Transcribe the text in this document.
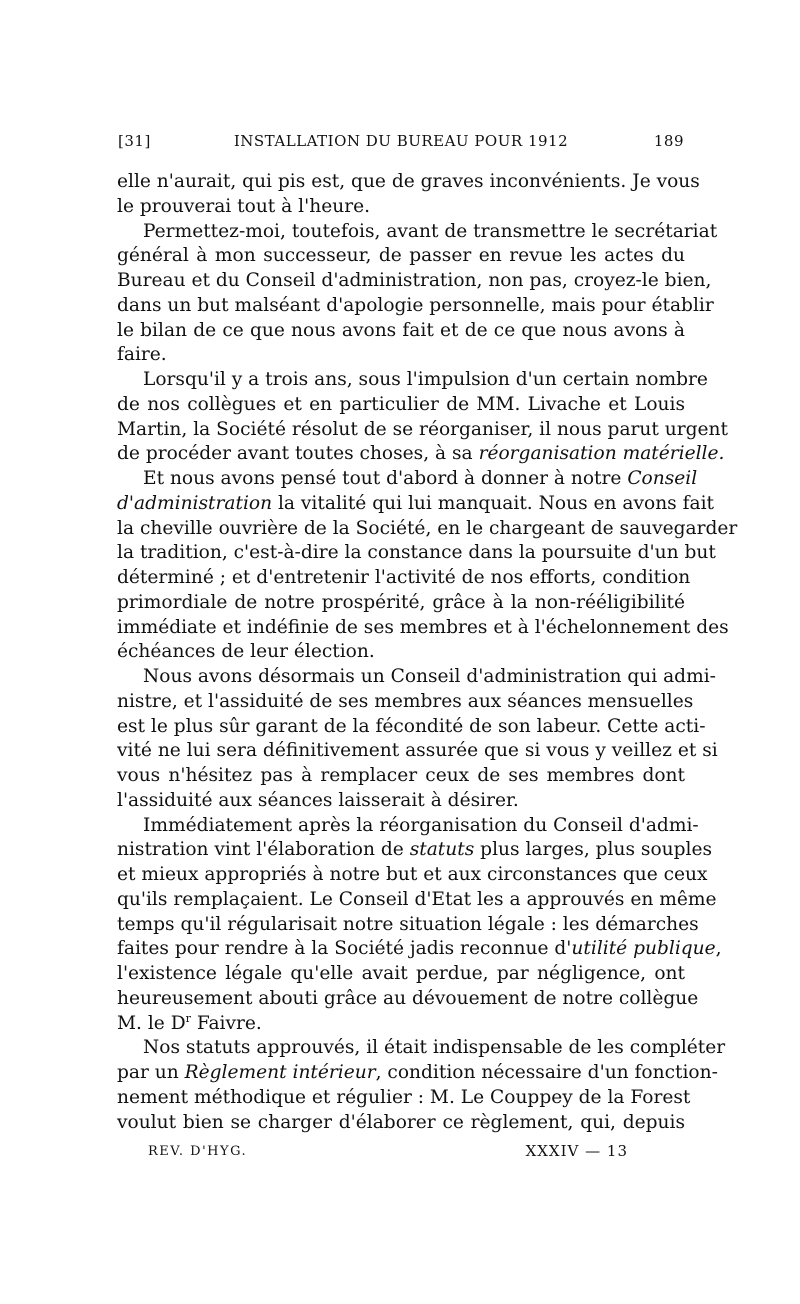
[31]	INSTALLATION DU BUREAU POUR 1912	189
elle n'aurait, qui pis est, que de graves inconvénients. Je vous
le prouverai tout à l'heure.
Permettez-moi, toutefois, avant de transmettre le secrétariat
général à mon successeur, de passer en revue les actes du
Bureau et du Conseil d'administration, non pas, croyez-le bien,
dans un but malséant d'apologie personnelle, mais pour établir
le bilan de ce que nous avons fait et de ce que nous avons à
faire.
Lorsqu'il y a trois ans, sous l'impulsion d'un certain nombre
de nos collègues et en particulier de MM. Livache et Louis
Martin, la Société résolut de se réorganiser, il nous parut urgent
de procéder avant toutes choses, à sa réorganisation matérielle.
Et nous avons pensé tout d'abord à donner à notre Conseil
d'administration la vitalité qui lui manquait. Nous en avons fait
la cheville ouvrière de la Société, en le chargeant de sauvegarder
la tradition, c'est-à-dire la constance dans la poursuite d'un but
déterminé ; et d'entretenir l'activité de nos efforts, condition
primordiale de notre prospérité, grâce à la non-rééligibilité
immédiate et indéfinie de ses membres et à l'échelonnement des
échéances de leur élection.
Nous avons désormais un Conseil d'administration qui admi-
nistre, et l'assiduité de ses membres aux séances mensuelles
est le plus sûr garant de la fécondité de son labeur. Cette acti-
vité ne lui sera définitivement assurée que si vous y veillez et si
vous n'hésitez pas à remplacer ceux de ses membres dont
l'assiduité aux séances laisserait à désirer.
Immédiatement après la réorganisation du Conseil d'admi-
nistration vint l'élaboration de statuts plus larges, plus souples
et mieux appropriés à notre but et aux circonstances que ceux
qu'ils remplaçaient. Le Conseil d'Etat les a approuvés en même
temps qu'il régularisait notre situation légale : les démarches
faites pour rendre à la Société jadis reconnue d'utilité publique,
l'existence légale qu'elle avait perdue, par négligence, ont
heureusement abouti grâce au dévouement de notre collègue
M. le $D^r$ Faivre.
Nos statuts approuvés, il était indispensable de les compléter
par un Règlement intérieur, condition nécessaire d'un fonction-
nement méthodique et régulier : M. Le Couppey de la Forest
voulut bien se charger d'élaborer ce règlement, qui, depuis
REV. D'HYG.	XXXIV — 13
